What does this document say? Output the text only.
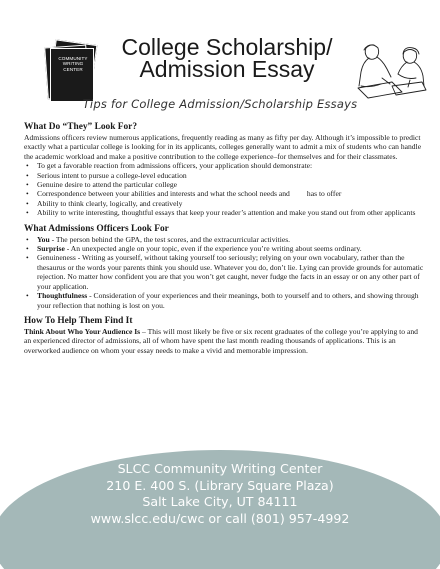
COMMUNITY
WRITING
CENTER
College Scholarship/
Admission Essay
Tips for College Admission/Scholarship Essays
What Do “They” Look For?

Admissions officers review numerous applications, frequently reading as many as fifty per day. Although it’s impossible to predict exactly what a particular college is looking for in its applicants, colleges generally want to admit a mix of students who can handle the academic workload and make a positive contribution to the college experience–for themselves and for their classmates.

• To get a favorable reaction from admissions officers, your application should demonstrate:
• Serious intent to pursue a college-level education
• Genuine desire to attend the particular college
• Correspondence between your abilities and interests and what the school needs and         has to offer
• Ability to think clearly, logically, and creatively
• Ability to write interesting, thoughtful essays that keep your reader’s attention and make you stand out from other applicants
What Admissions Officers Look For
• You - The person behind the GPA, the test scores, and the extracurricular activities.
• Surprise - An unexpected angle on your topic, even if the experience you’re writing about seems ordinary.
• Genuineness - Writing as yourself, without taking yourself too seriously; relying on your own vocabulary, rather than the thesaurus or the words your parents think you should use. Whatever you do, don’t lie. Lying can provide grounds for automatic rejection. No matter how confident you are that you won’t get caught, never fudge the facts in an essay or on any other part of your application.
• Thoughtfulness - Consideration of your experiences and their meanings, both to yourself and to others, and showing through your reflection that nothing is lost on you.
How To Help Them Find It

Think About Who Your Audience Is – This will most likely be five or six recent graduates of the college you’re applying to and an experienced director of admissions, all of whom have spent the last month reading thousands of applications. This is an overworked audience on whom your essay needs to make a vivid and memorable impression.

SLCC Community Writing Center
210 E. 400 S. (Library Square Plaza)
Salt Lake City, UT 84111
www.slcc.edu/cwc or call (801) 957-4992
